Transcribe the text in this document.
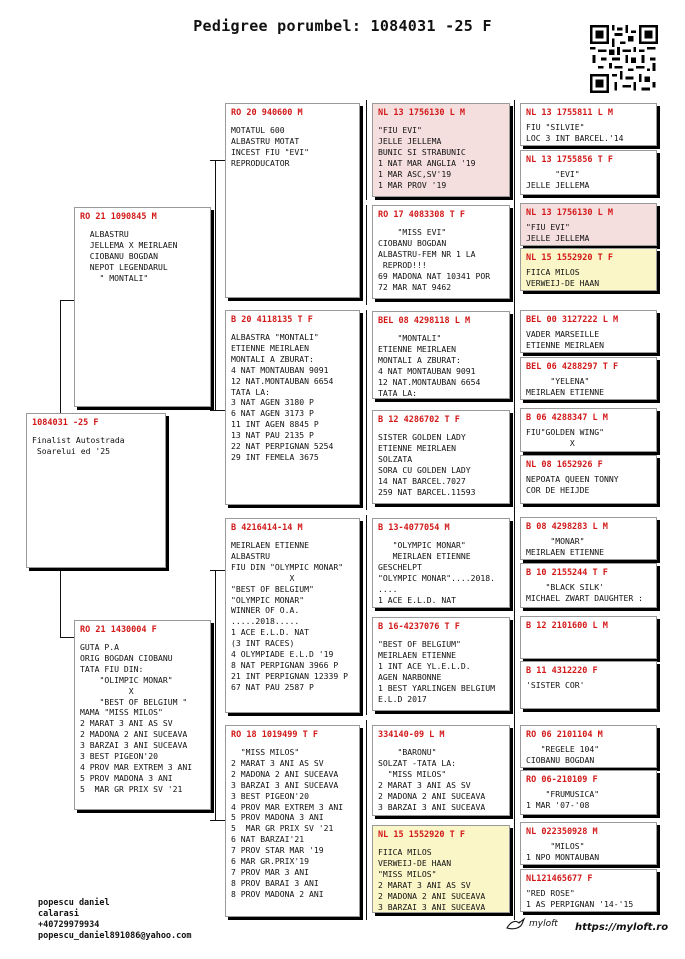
Pedigree porumbel: 1084031 -25 F
1084031 -25 F
Finalist Autostrada
Soarelui ed '25
RO 21 1090845 M
ALBASTRU
JELLEMA X MEIRLAEN
CIOBANU BOGDAN
NEPOT LEGENDARUL
" MONTALI"
RO 21 1430004 F
GUTA P.A
ORIG BOGDAN CIOBANU
TATA FIU DIN:
"OLIMPIC MONAR"
X
"BEST OF BELGIUM "
MAMA "MISS MILOS"
2 MARAT 3 ANI AS SV
2 MADONA 2 ANI SUCEAVA
3 BARZAI 3 ANI SUCEAVA
3 BEST PIGEON'20
4 PROV MAR EXTREM 3 ANI
5 PROV MADONA 3 ANI
5  MAR GR PRIX SV '21
RO 20 940600 M
MOTATUL 600
ALBASTRU MOTAT
INCEST FIU "EVI"
REPRODUCATOR
B 20 4118135 T F
ALBASTRA "MONTALI"
ETIENNE MEIRLAEN
MONTALI A ZBURAT:
4 NAT MONTAUBAN 9091
12 NAT.MONTAUBAN 6654
TATA LA:
3 NAT AGEN 3180 P
6 NAT AGEN 3173 P
11 INT AGEN 8845 P
13 NAT PAU 2135 P
22 NAT PERPIGNAN 5254
29 INT FEMELA 3675
B 4216414-14 M
MEIRLAEN ETIENNE
ALBASTRU
FIU DIN "OLYMPIC MONAR"
X
"BEST OF BELGIUM"
"OLYMPIC MONAR"
WINNER OF O.A.
.....2018.....
1 ACE E.L.D. NAT
(3 INT RACES)
4 OLYMPIADE E.L.D '19
8 NAT PERPIGNAN 3966 P
21 INT PERPIGNAN 12339 P
67 NAT PAU 2587 P
RO 18 1019499 T F
"MISS MILOS"
2 MARAT 3 ANI AS SV
2 MADONA 2 ANI SUCEAVA
3 BARZAI 3 ANI SUCEAVA
3 BEST PIGEON'20
4 PROV MAR EXTREM 3 ANI
5 PROV MADONA 3 ANI
5  MAR GR PRIX SV '21
6 NAT BARZAI'21
7 PROV STAR MAR '19
6 MAR GR.PRIX'19
7 PROV MAR 3 ANI
8 PROV BARAI 3 ANI
8 PROV MADONA 2 ANI
NL 13 1756130 L M
"FIU EVI"
JELLE JELLEMA
BUNIC SI STRABUNIC
1 NAT MAR ANGLIA '19
1 MAR ASC,SV'19
1 MAR PROV '19
RO 17 4083308 T F
"MISS EVI"
CIOBANU BOGDAN
ALBASTRU-FEM NR 1 LA
REPROD!!!
69 MADONA NAT 10341 POR
72 MAR NAT 9462
BEL 08 4298118 L M
"MONTALI"
ETIENNE MEIRLAEN
MONTALI A ZBURAT:
4 NAT MONTAUBAN 9091
12 NAT.MONTAUBAN 6654
TATA LA:
B 12 4286702 T F
SISTER GOLDEN LADY
ETIENNE MEIRLAEN
SOLZATA
SORA CU GOLDEN LADY
14 NAT BARCEL.7027
259 NAT BARCEL.11593
B 13-4077054 M
"OLYMPIC MONAR"
MEIRLAEN ETIENNE
GESCHELPT
"OLYMPIC MONAR"....2018.
....
1 ACE E.L.D. NAT
B 16-4237076 T F
"BEST OF BELGIUM"
MEIRLAEN ETIENNE
1 INT ACE YL.E.L.D.
AGEN NARBONNE
1 BEST YARLINGEN BELGIUM
E.L.D 2017
334140-09 L M
"BARONU"
SOLZAT -TATA LA:
"MISS MILOS"
2 MARAT 3 ANI AS SV
2 MADONA 2 ANI SUCEAVA
3 BARZAI 3 ANI SUCEAVA
NL 15 1552920 T F
FIICA MILOS
VERWEIJ-DE HAAN
"MISS MILOS"
2 MARAT 3 ANI AS SV
2 MADONA 2 ANI SUCEAVA
3 BARZAI 3 ANI SUCEAVA
NL 13 1755811 L M
FIU "SILVIE"
LOC 3 INT BARCEL.'14
NL 13 1755856 T F
"EVI"
JELLE JELLEMA
NL 13 1756130 L M
"FIU EVI"
JELLE JELLEMA
NL 15 1552920 T F
FIICA MILOS
VERWEIJ-DE HAAN
BEL 00 3127222 L M
VADER MARSEILLE
ETIENNE MEIRLAEN
BEL 06 4288297 T F
"YELENA"
MEIRLAEN ETIENNE
B 06 4288347 L M
FIU"GOLDEN WING"
X
NL 08 1652926 F
NEPOATA QUEEN TONNY
COR DE HEIJDE
B 08 4298283 L M
"MONAR"
MEIRLAEN ETIENNE
B 10 2155244 T F
"BLACK SILK'
MICHAEL ZWART DAUGHTER :
B 12 2101600 L M
B 11 4312220 F
'SISTER COR'
RO 06 2101104 M
"REGELE 104"
CIOBANU BOGDAN
RO 06-210109 F
"FRUMUSICA"
1 MAR '07-'08
NL 022350928 M
"MILOS"
1 NPO MONTAUBAN
NL121465677 F
"RED ROSE"
1 AS PERPIGNAN '14-'15
popescu daniel
calarasi
+40729979934
popescu_daniel891086@yahoo.com
myloft https://myloft.ro
